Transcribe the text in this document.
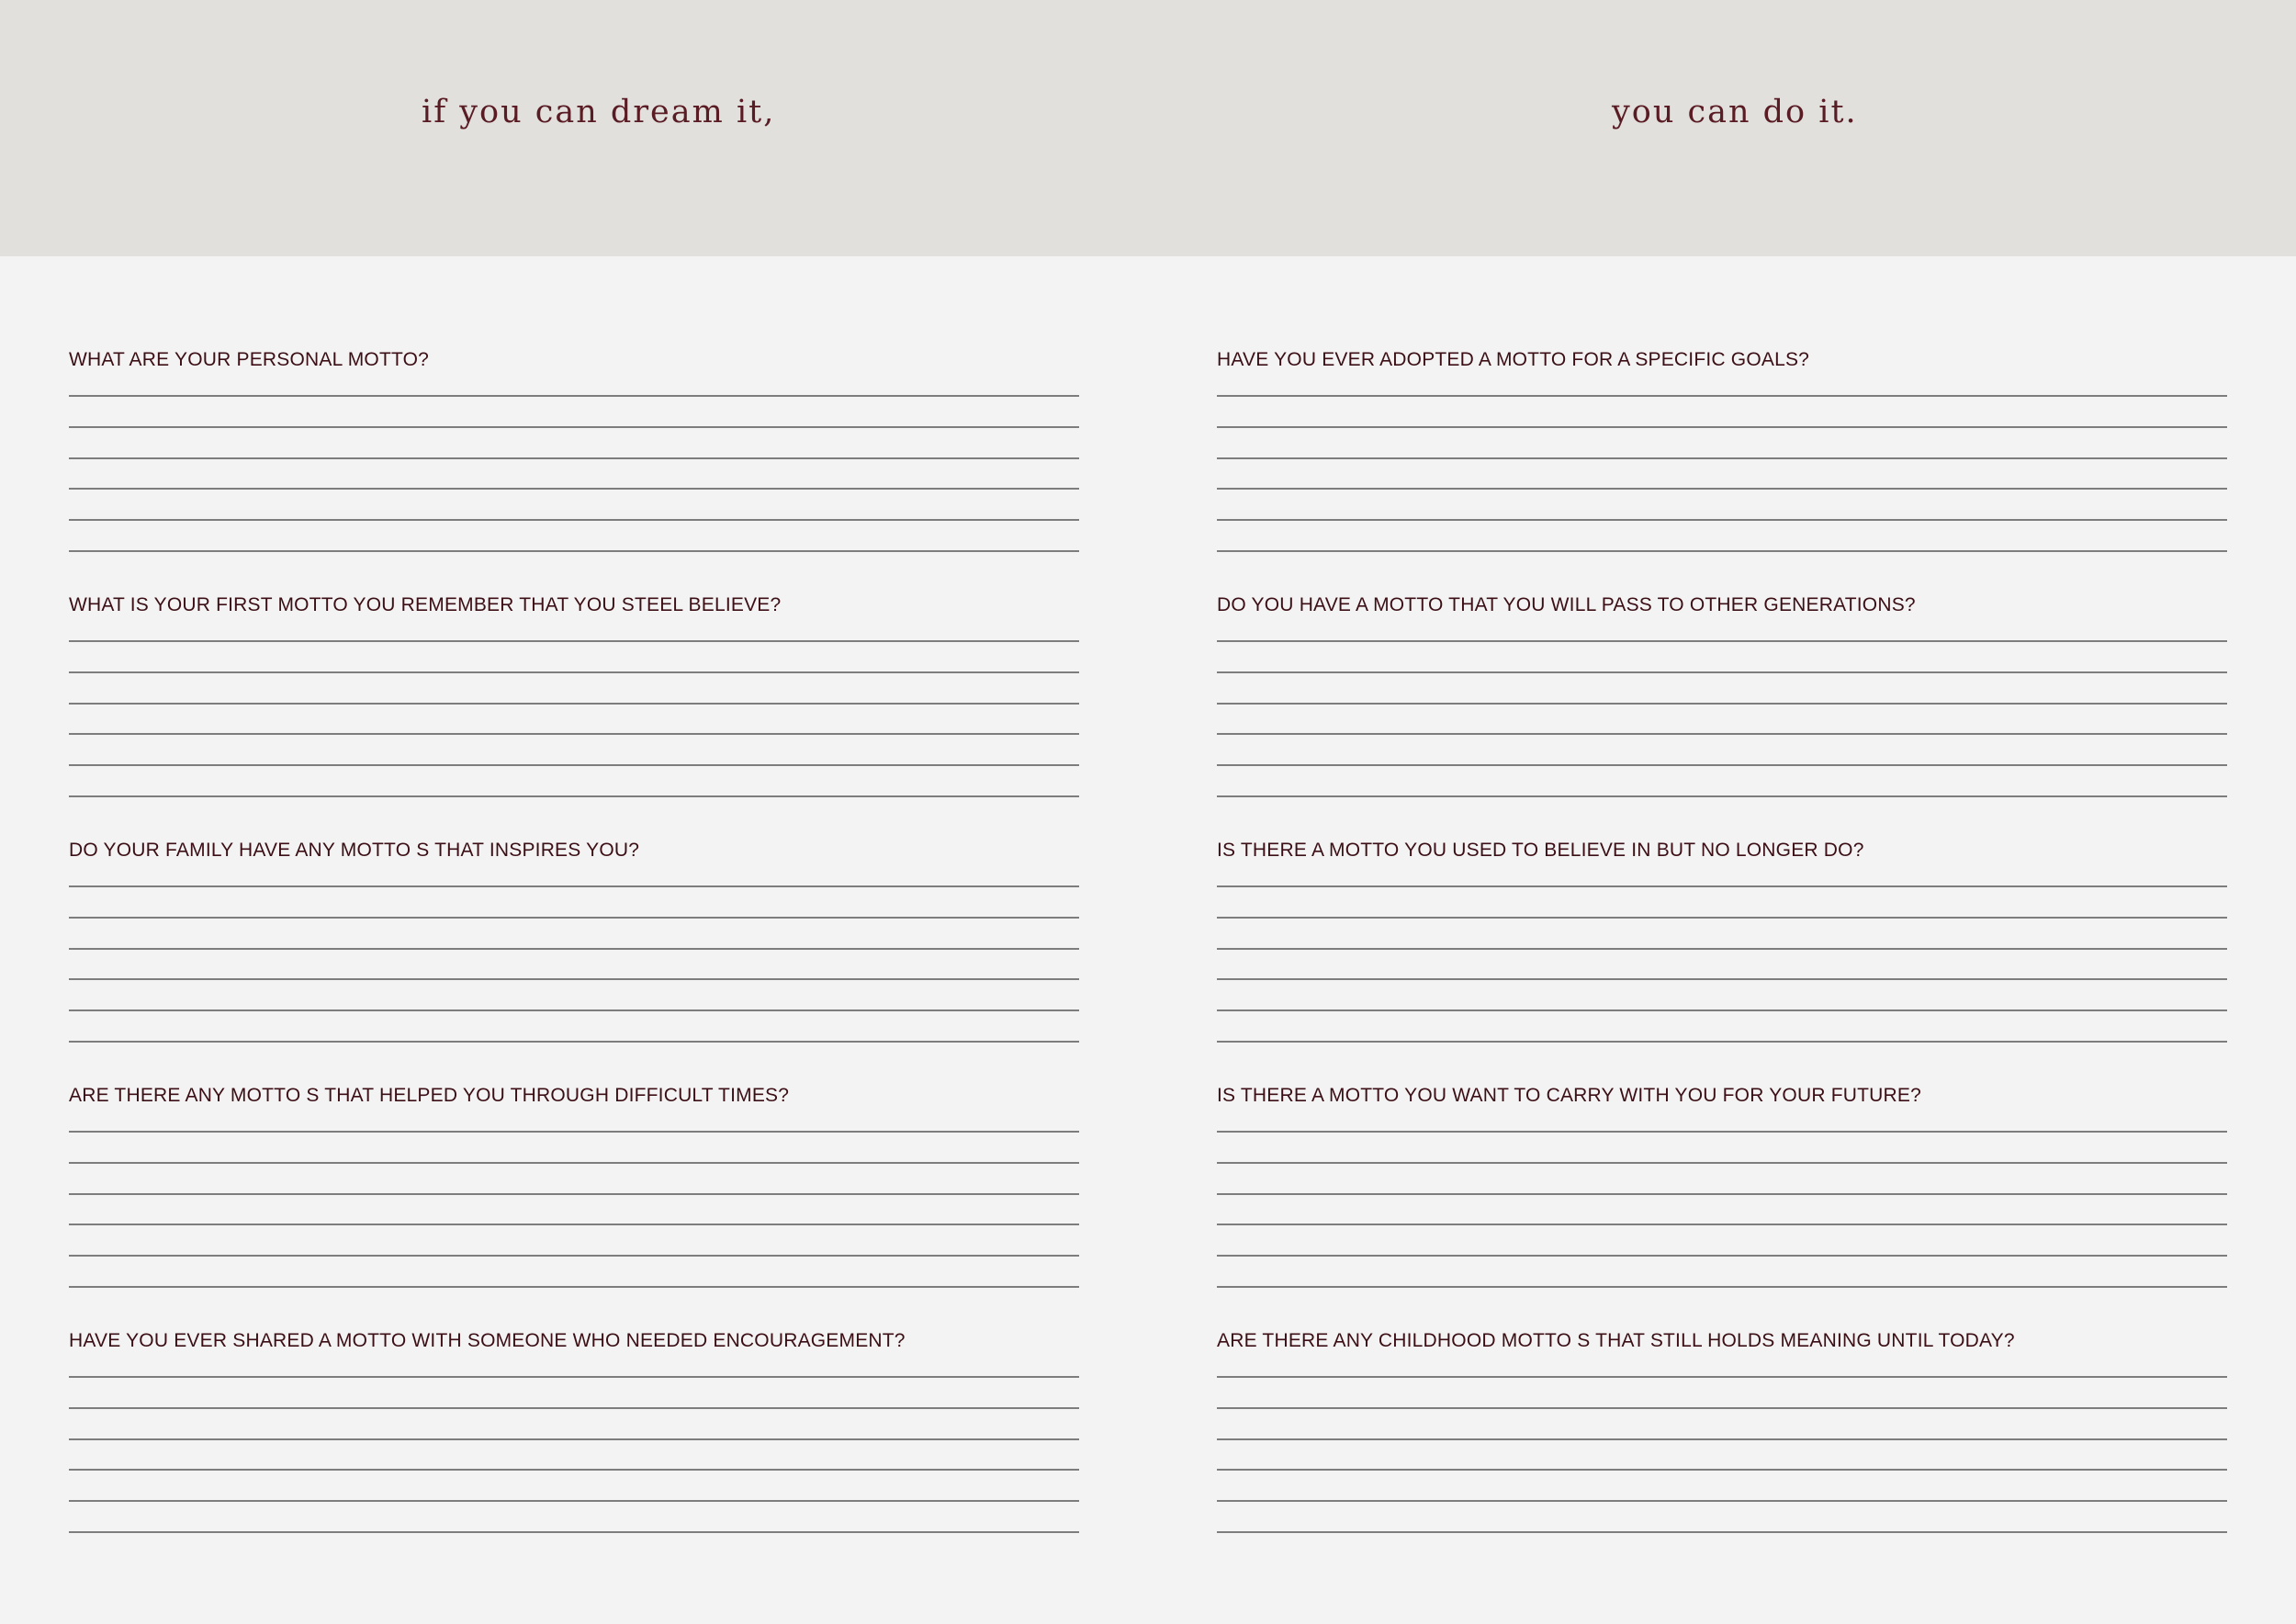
if you can dream it,	you can do it.
WHAT ARE YOUR PERSONAL MOTTO?
WHAT IS YOUR FIRST MOTTO YOU REMEMBER THAT YOU STEEL BELIEVE?
DO YOUR FAMILY HAVE ANY MOTTO S THAT INSPIRES YOU?
ARE THERE ANY MOTTO S THAT HELPED YOU THROUGH DIFFICULT TIMES?
HAVE YOU EVER SHARED A MOTTO WITH SOMEONE WHO NEEDED ENCOURAGEMENT?
HAVE YOU EVER ADOPTED A MOTTO FOR A SPECIFIC GOALS?
DO YOU HAVE A MOTTO THAT YOU WILL PASS TO OTHER GENERATIONS?
IS THERE A MOTTO YOU USED TO BELIEVE IN BUT NO LONGER DO?
IS THERE A MOTTO YOU WANT TO CARRY WITH YOU FOR YOUR FUTURE?
ARE THERE ANY CHILDHOOD MOTTO S THAT STILL HOLDS MEANING UNTIL TODAY?
